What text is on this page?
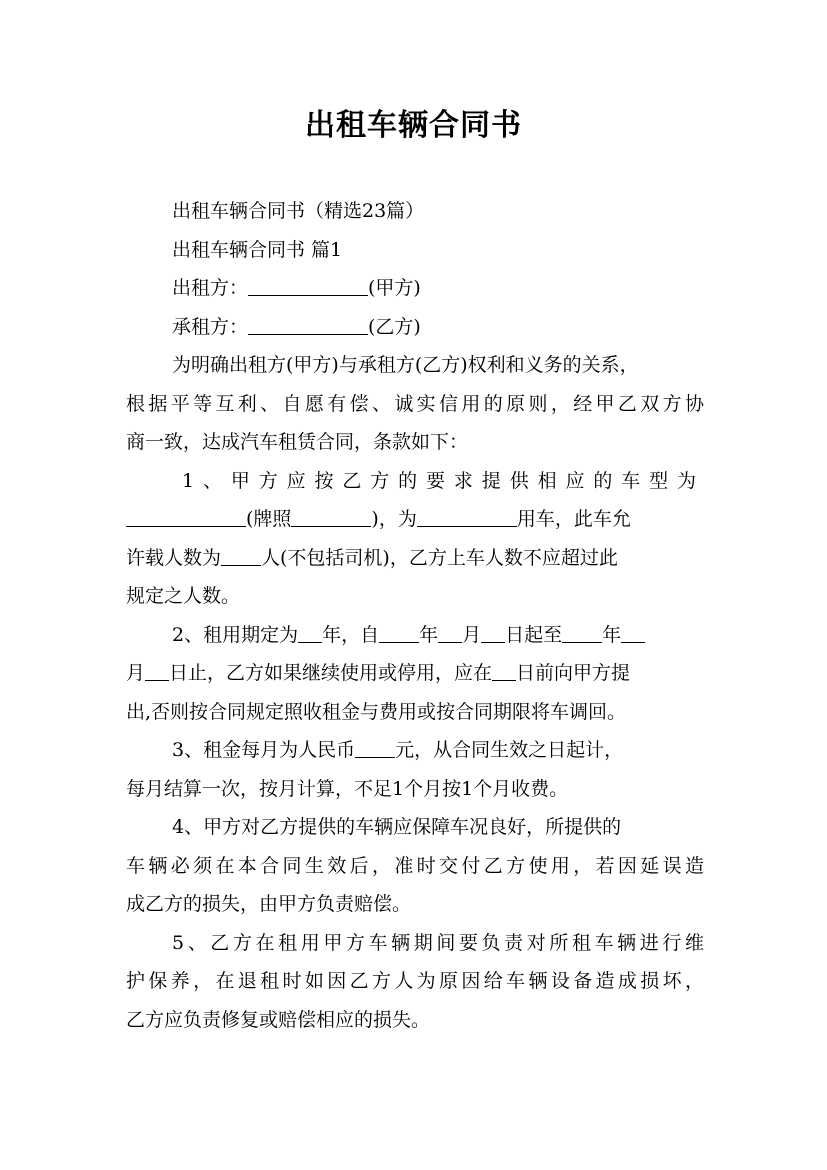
出租车辆合同书
出租车辆合同书（精选23篇）
出租车辆合同书 篇1
出租方：	(甲方)
承租方：	(乙方)
为明确出租方(甲方)与承租方(乙方)权利和义务的关系，
根据平等互利、自愿有偿、诚实信用的原则，经甲乙双方协
商一致，达成汽车租赁合同，条款如下：
1、甲方应按乙方的要求提供相应的车型为
(牌照	)，为	用车，此车允
许载人数为 人(不包括司机)，乙方上车人数不应超过此
规定之人数。
2、租用期定为 年，自 年 月 日起至 年
月 日止，乙方如果继续使用或停用，应在 日前向甲方提
出,否则按合同规定照收租金与费用或按合同期限将车调回。
3、租金每月为人民币 元，从合同生效之日起计，
每月结算一次，按月计算，不足1个月按1个月收费。
4、甲方对乙方提供的车辆应保障车况良好，所提供的
车辆必须在本合同生效后，准时交付乙方使用，若因延误造
成乙方的损失，由甲方负责赔偿。
5、乙方在租用甲方车辆期间要负责对所租车辆进行维
护保养，在退租时如因乙方人为原因给车辆设备造成损坏，
乙方应负责修复或赔偿相应的损失。
